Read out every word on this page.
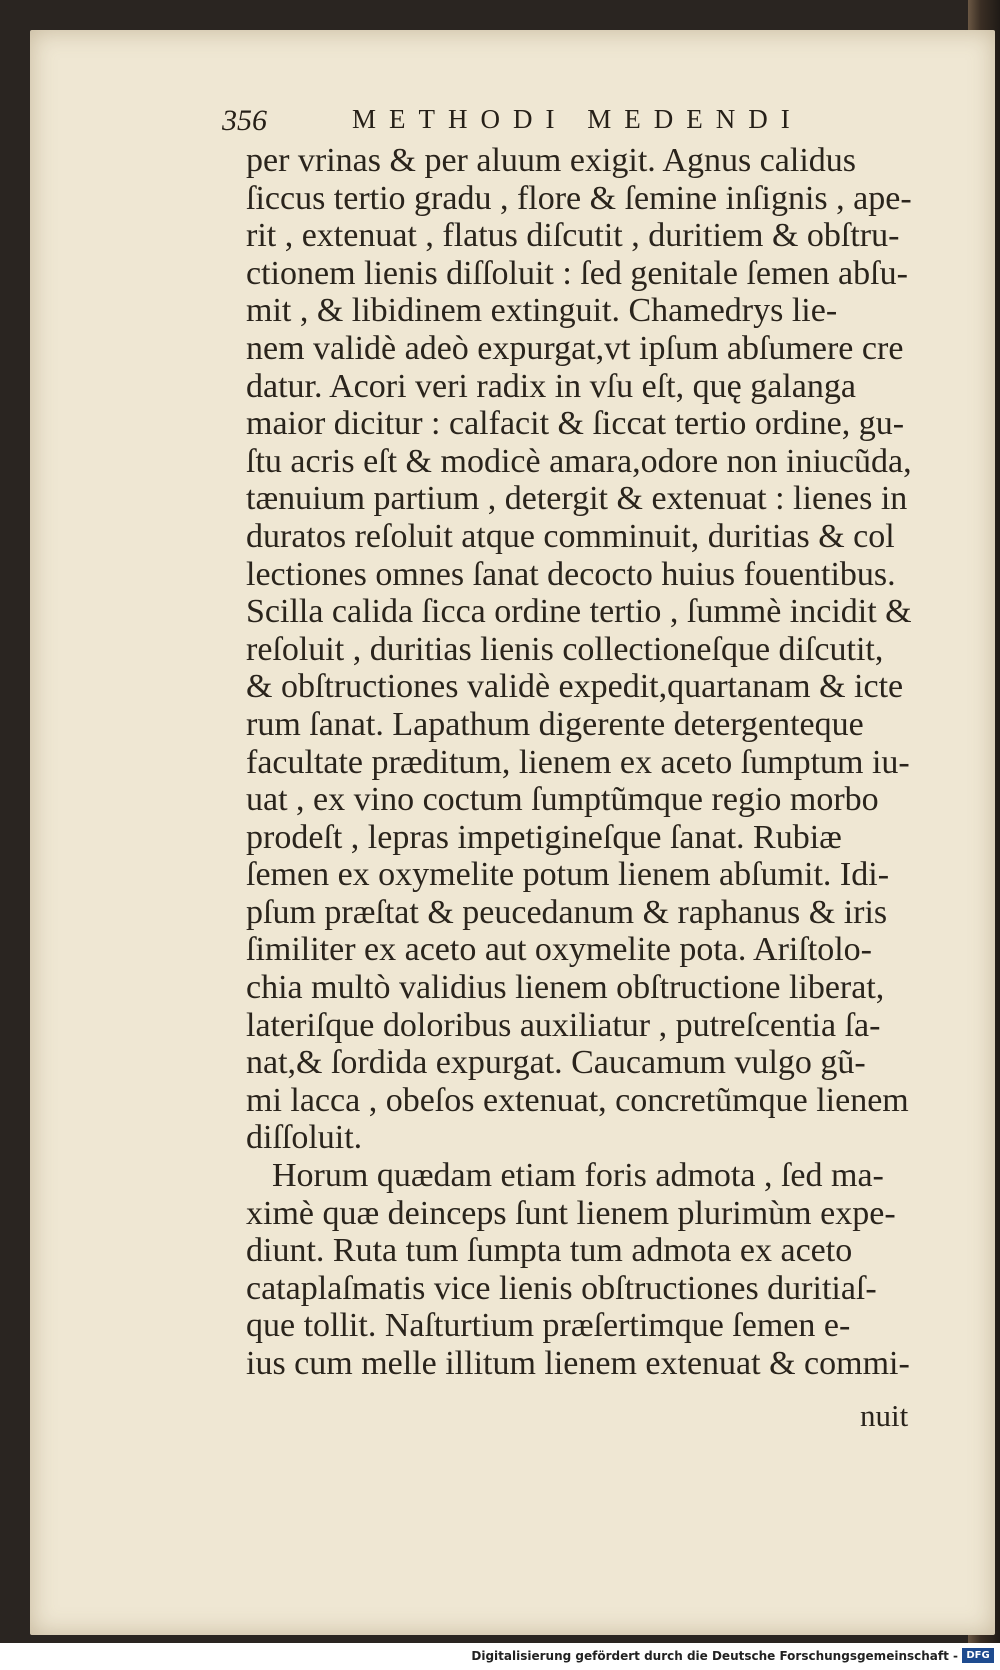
356	METHODI MEDENDI
per vrinas & per aluum exigit. Agnus calidus
ſiccus tertio gradu , flore & ſemine inſignis , ape-
rit , extenuat , flatus diſcutit , duritiem & obſtru-
ctionem lienis diſſoluit : ſed genitale ſemen abſu-
mit , & libidinem extinguit. Chamedrys lie-
nem validè adeò expurgat,vt ipſum abſumere cre
datur. Acori veri radix in vſu eſt, quę galanga
maior dicitur : calfacit & ſiccat tertio ordine, gu-
ſtu acris eſt & modicè amara,odore non iniucũda,
tænuium partium , detergit & extenuat : lienes in
duratos reſoluit atque comminuit, duritias & col
lectiones omnes ſanat decocto huius fouentibus.
Scilla calida ſicca ordine tertio , ſummè incidit &
reſoluit , duritias lienis collectioneſque diſcutit,
& obſtructiones validè expedit,quartanam & icte
rum ſanat. Lapathum digerente detergenteque
facultate præditum, lienem ex aceto ſumptum iu-
uat , ex vino coctum ſumptũmque regio morbo
prodeſt , lepras impetigineſque ſanat. Rubiæ
ſemen ex oxymelite potum lienem abſumit. Idi-
pſum præſtat & peucedanum & raphanus & iris
ſimiliter ex aceto aut oxymelite pota. Ariſtolo-
chia multò validius lienem obſtructione liberat,
lateriſque doloribus auxiliatur , putreſcentia ſa-
nat,& ſordida expurgat. Caucamum vulgo gũ-
mi lacca , obeſos extenuat, concretũmque lienem
diſſoluit.
Horum quædam etiam foris admota , ſed ma-
ximè quæ deinceps ſunt lienem plurimùm expe-
diunt. Ruta tum ſumpta tum admota ex aceto
cataplaſmatis vice lienis obſtructiones duritiaſ-
que tollit. Naſturtium præſertimque ſemen e-
ius cum melle illitum lienem extenuat & commi-
nuit
Digitalisierung gefördert durch die Deutsche Forschungsgemeinschaft - DFG
